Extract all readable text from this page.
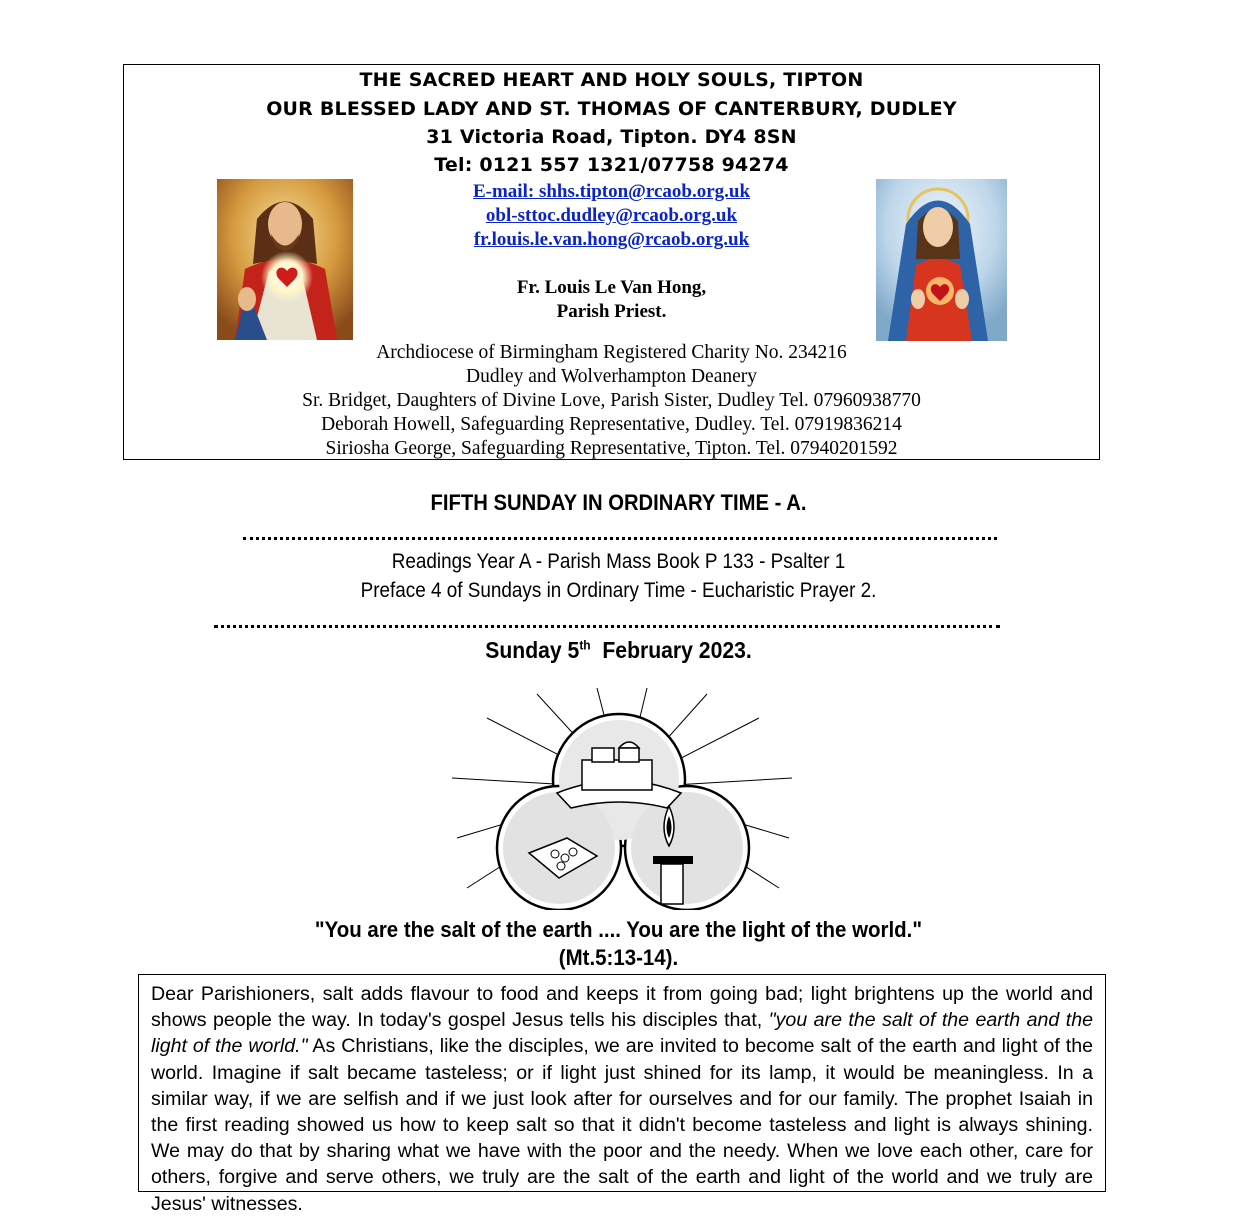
THE SACRED HEART AND HOLY SOULS, TIPTON
OUR BLESSED LADY AND ST. THOMAS OF CANTERBURY, DUDLEY
31 Victoria Road, Tipton. DY4 8SN
Tel: 0121 557 1321/07758 94274
E-mail: shhs.tipton@rcaob.org.uk
obl-sttoc.dudley@rcaob.org.uk
fr.louis.le.van.hong@rcaob.org.uk
Fr. Louis Le Van Hong,
Parish Priest.
Archdiocese of Birmingham Registered Charity No. 234216
Dudley and Wolverhampton Deanery
Sr. Bridget, Daughters of Divine Love, Parish Sister, Dudley Tel. 07960938770
Deborah Howell, Safeguarding Representative, Dudley. Tel. 07919836214
Siriosha George, Safeguarding Representative, Tipton. Tel. 07940201592
FIFTH SUNDAY IN ORDINARY TIME - A.
Readings Year A - Parish Mass Book P 133 - Psalter 1
Preface 4 of Sundays in Ordinary Time - Eucharistic Prayer 2.
Sunday 5th  February 2023.
"You are the salt of the earth .... You are the light of the world."
(Mt.5:13-14).
Dear Parishioners, salt adds flavour to food and keeps it from going bad; light brightens up the world and shows people the way. In today's gospel Jesus tells his disciples that, "you are the salt of the earth and the light of the world." As Christians, like the disciples, we are invited to become salt of the earth and light of the world. Imagine if salt became tasteless; or if light just shined for its lamp, it would be meaningless. In a similar way, if we are selfish and if we just look after for ourselves and for our family. The prophet Isaiah in the first reading showed us how to keep salt so that it didn't become tasteless and light is always shining. We may do that by sharing what we have with the poor and the needy. When we love each other, care for others, forgive and serve others, we truly are the salt of the earth and light of the world and we truly are Jesus' witnesses.
